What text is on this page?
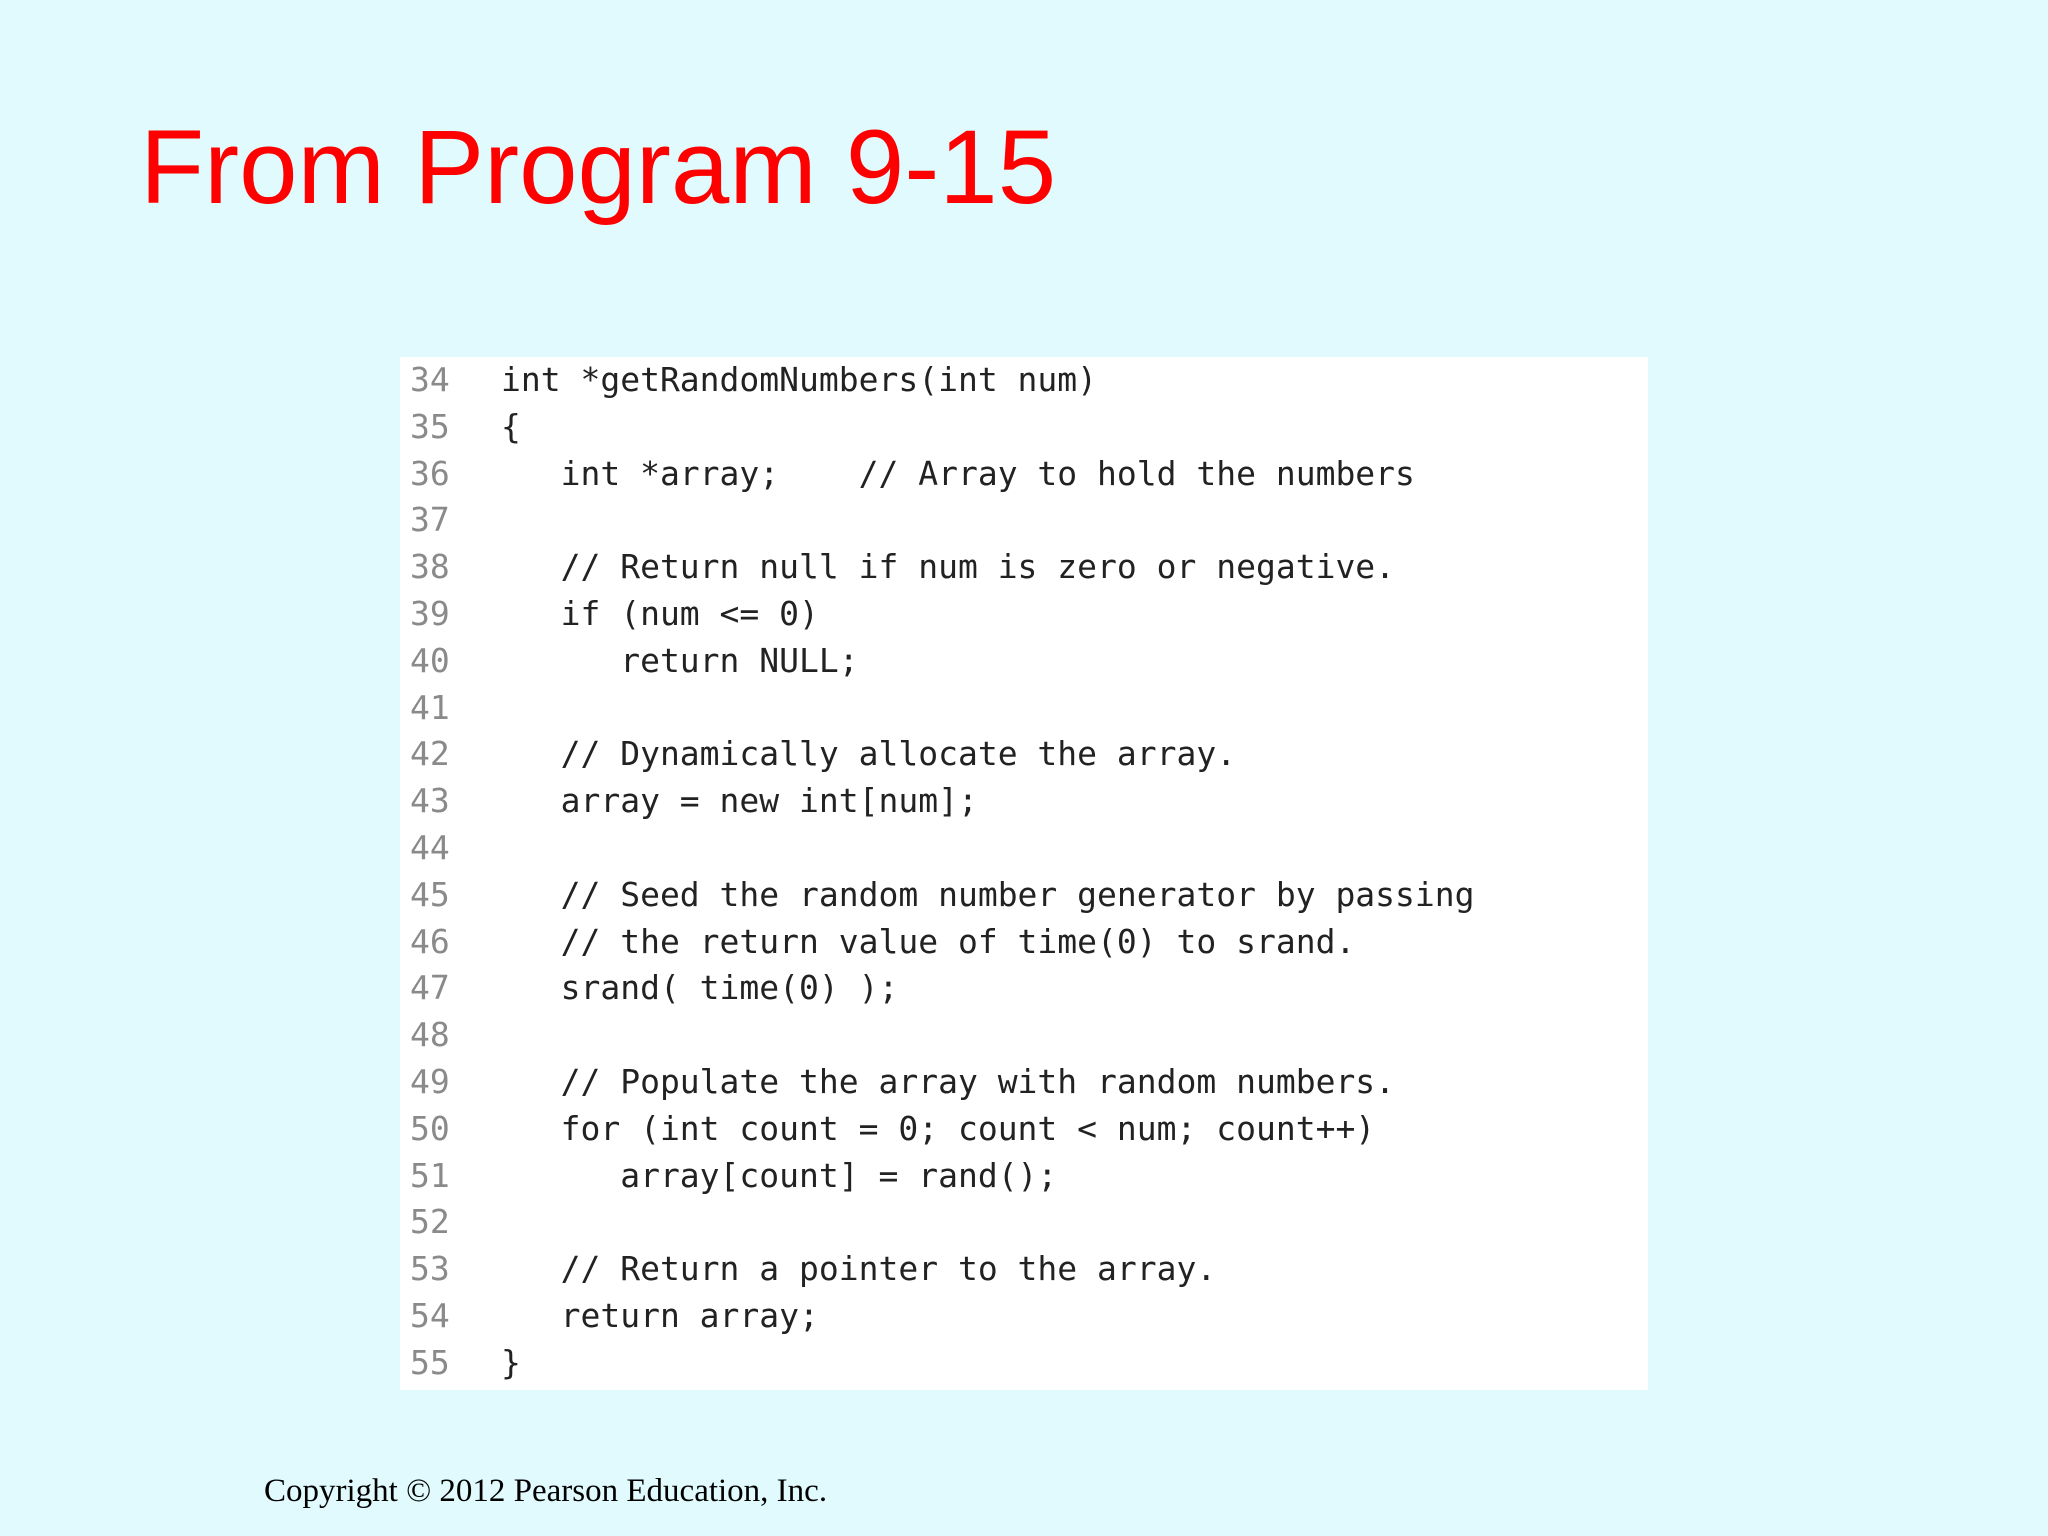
From Program 9-15
34 int *getRandomNumbers(int num)
35 {
36 int *array;    // Array to hold the numbers
37
38 // Return null if num is zero or negative.
39 if (num <= 0)
40 return NULL;
41
42 // Dynamically allocate the array.
43 array = new int[num];
44
45 // Seed the random number generator by passing
46 // the return value of time(0) to srand.
47 srand( time(0) );
48
49 // Populate the array with random numbers.
50 for (int count = 0; count < num; count++)
51 array[count] = rand();
52
53 // Return a pointer to the array.
54 return array;
55 }
Copyright © 2012 Pearson Education, Inc.
